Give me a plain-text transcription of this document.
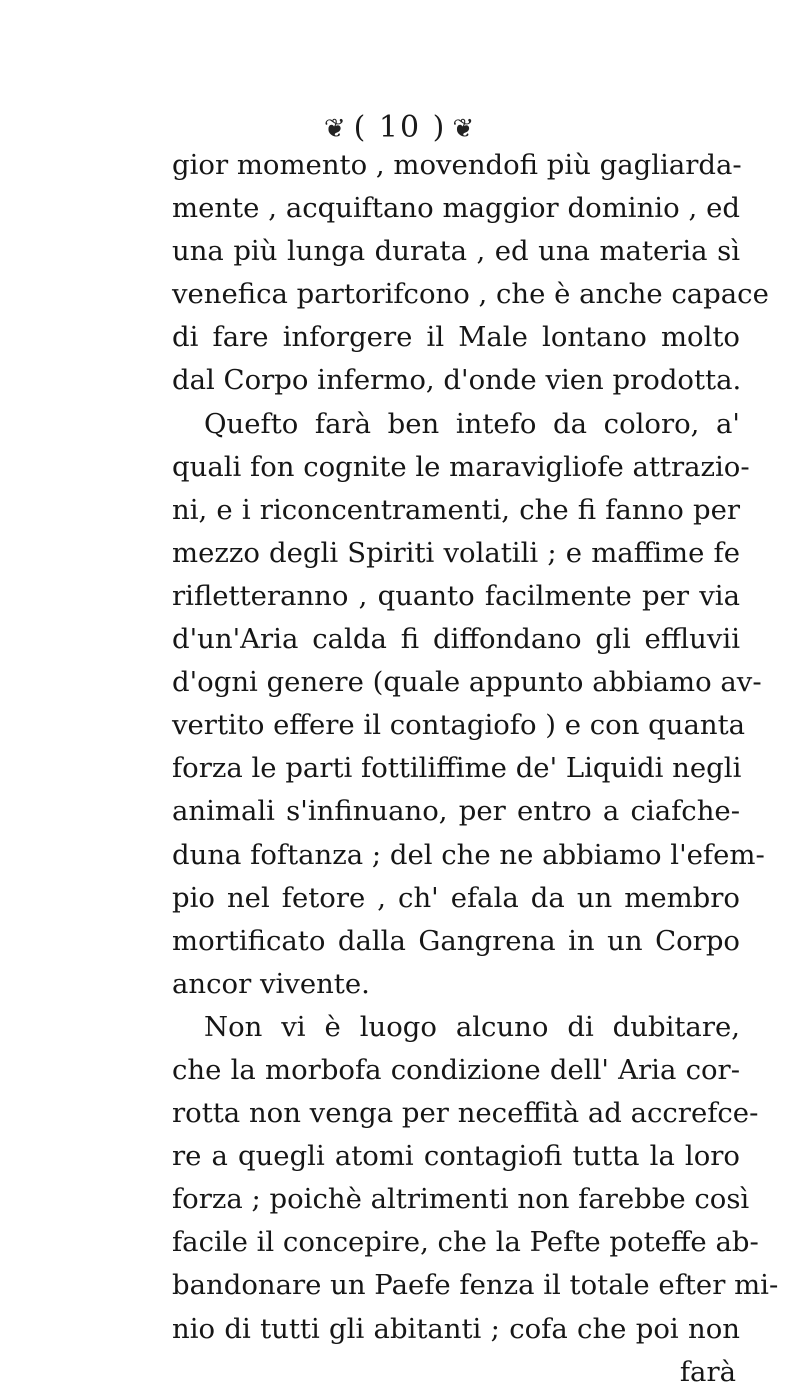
❦ ( 10 ) ❦
gior momento , movendofi più gagliarda-
mente , acquiftano maggior dominio , ed
una più lunga durata , ed una materia sì
venefica partorifcono , che è anche capace
di fare inforgere il Male lontano molto
dal Corpo infermo, d'onde vien prodotta.
Quefto farà ben intefo da coloro, a'
quali fon cognite le maravigliofe attrazio-
ni, e i riconcentramenti, che fi fanno per
mezzo degli Spiriti volatili ; e maffime fe
rifletteranno , quanto facilmente per via
d'un'Aria calda fi diffondano gli effluvii
d'ogni genere (quale appunto abbiamo av-
vertito effere il contagiofo ) e con quanta
forza le parti fottiliffime de' Liquidi negli
animali s'infinuano, per entro a ciafche-
duna foftanza ; del che ne abbiamo l'efem-
pio nel fetore , ch' efala da un membro
mortificato dalla Gangrena in un Corpo
ancor vivente.
Non vi è luogo alcuno di dubitare,
che la morbofa condizione dell' Aria cor-
rotta non venga per neceffità ad accrefce-
re a quegli atomi contagiofi tutta la loro
forza ; poichè altrimenti non farebbe così
facile il concepire, che la Pefte poteffe ab-
bandonare un Paefe fenza il totale efter mi-
nio di tutti gli abitanti ; cofa che poi non
farà
